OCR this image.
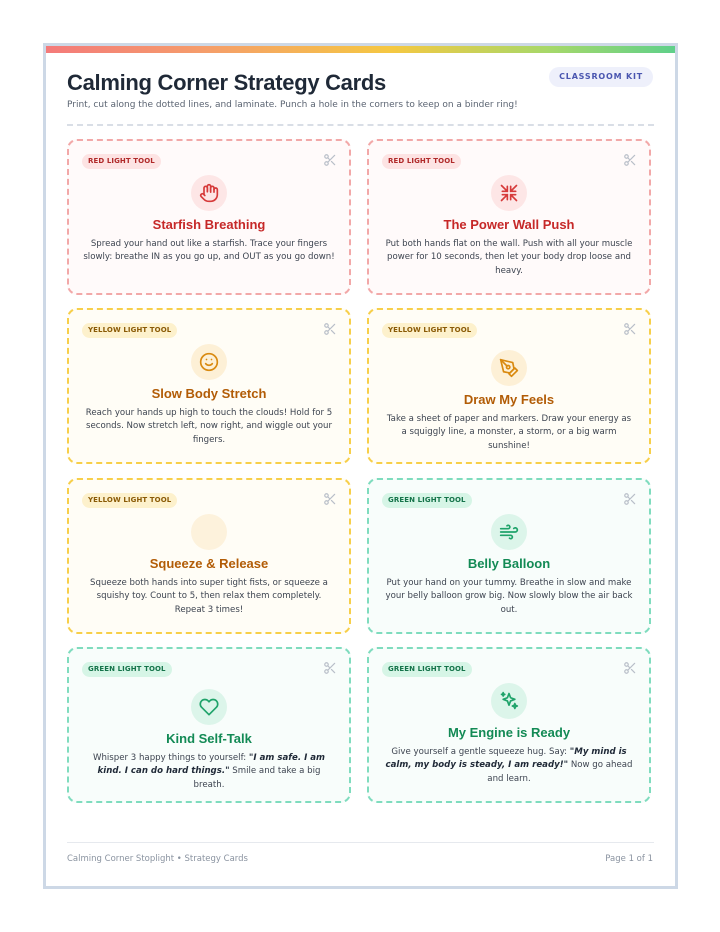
Calming Corner Strategy Cards	CLASSROOM KIT
Print, cut along the dotted lines, and laminate. Punch a hole in the corners to keep on a binder ring!
RED LIGHT TOOL
Starfish Breathing
Spread your hand out like a starfish. Trace your fingers slowly: breathe IN as you go up, and OUT as you go down!
RED LIGHT TOOL
The Power Wall Push
Put both hands flat on the wall. Push with all your muscle power for 10 seconds, then let your body drop loose and heavy.
YELLOW LIGHT TOOL
Slow Body Stretch
Reach your hands up high to touch the clouds! Hold for 5 seconds. Now stretch left, now right, and wiggle out your fingers.
YELLOW LIGHT TOOL
Draw My Feels
Take a sheet of paper and markers. Draw your energy as a squiggly line, a monster, a storm, or a big warm sunshine!
YELLOW LIGHT TOOL
Squeeze & Release
Squeeze both hands into super tight fists, or squeeze a squishy toy. Count to 5, then relax them completely. Repeat 3 times!
GREEN LIGHT TOOL
Belly Balloon
Put your hand on your tummy. Breathe in slow and make your belly balloon grow big. Now slowly blow the air back out.
GREEN LIGHT TOOL
Kind Self-Talk
Whisper 3 happy things to yourself: "I am safe. I am kind. I can do hard things." Smile and take a big breath.
GREEN LIGHT TOOL
My Engine is Ready
Give yourself a gentle squeeze hug. Say: "My mind is calm, my body is steady, I am ready!" Now go ahead and learn.
Calming Corner Stoplight • Strategy Cards	Page 1 of 1
